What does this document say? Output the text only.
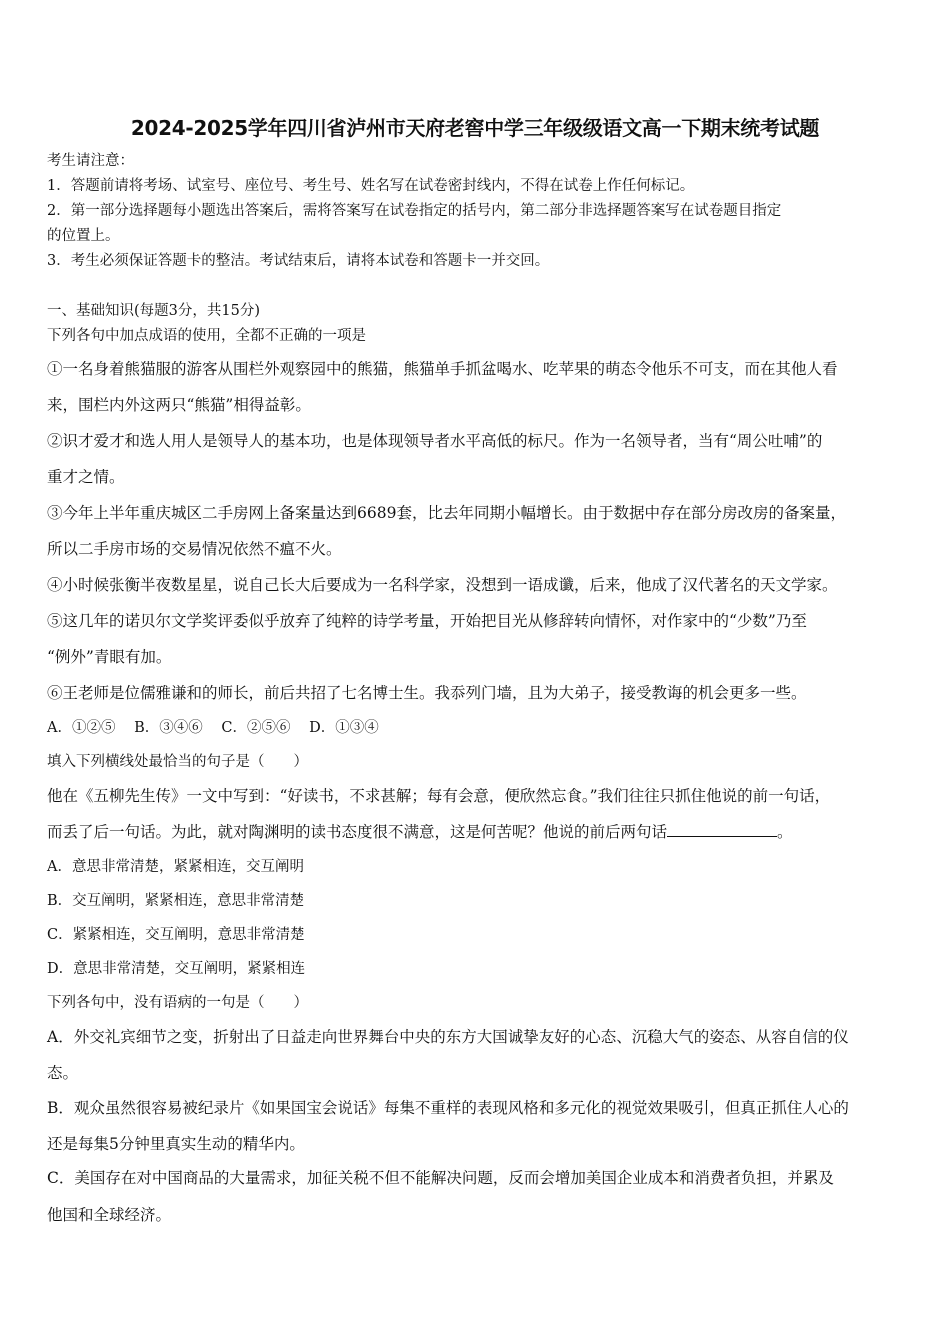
2024-2025学年四川省泸州市天府老窖中学三年级级语文高一下期末统考试题
考生请注意：
1．答题前请将考场、试室号、座位号、考生号、姓名写在试卷密封线内，不得在试卷上作任何标记。
2．第一部分选择题每小题选出答案后，需将答案写在试卷指定的括号内，第二部分非选择题答案写在试卷题目指定
的位置上。
3．考生必须保证答题卡的整洁。考试结束后，请将本试卷和答题卡一并交回。
一、基础知识(每题3分，共15分)
下列各句中加点成语的使用，全都不正确的一项是
①一名身着熊猫服的游客从围栏外观察园中的熊猫，熊猫单手抓盆喝水、吃苹果的萌态令他乐不可支，而在其他人看
来，围栏内外这两只“熊猫”相得益彰。
②识才爱才和选人用人是领导人的基本功，也是体现领导者水平高低的标尺。作为一名领导者，当有“周公吐哺”的
重才之情。
③今年上半年重庆城区二手房网上备案量达到6689套，比去年同期小幅增长。由于数据中存在部分房改房的备案量，
所以二手房市场的交易情况依然不瘟不火。
④小时候张衡半夜数星星，说自己长大后要成为一名科学家，没想到一语成谶，后来，他成了汉代著名的天文学家。
⑤这几年的诺贝尔文学奖评委似乎放弃了纯粹的诗学考量，开始把目光从修辞转向情怀，对作家中的“少数”乃至
“例外”青眼有加。
⑥王老师是位儒雅谦和的师长，前后共招了七名博士生。我忝列门墙，且为大弟子，接受教诲的机会更多一些。
A．①②⑤ B．③④⑥ C．②⑤⑥ D．①③④
填入下列横线处最恰当的句子是（　　）
他在《五柳先生传》一文中写到：“好读书，不求甚解；每有会意，便欣然忘食。”我们往往只抓住他说的前一句话，
而丢了后一句话。为此，就对陶渊明的读书态度很不满意，这是何苦呢？他说的前后两句话	。
A．意思非常清楚，紧紧相连，交互阐明
B．交互阐明，紧紧相连，意思非常清楚
C．紧紧相连，交互阐明，意思非常清楚
D．意思非常清楚，交互阐明，紧紧相连
下列各句中，没有语病的一句是（　　）
A．外交礼宾细节之变，折射出了日益走向世界舞台中央的东方大国诚挚友好的心态、沉稳大气的姿态、从容自信的仪
态。
B．观众虽然很容易被纪录片《如果国宝会说话》每集不重样的表现风格和多元化的视觉效果吸引，但真正抓住人心的
还是每集5分钟里真实生动的精华内。
C．美国存在对中国商品的大量需求，加征关税不但不能解决问题，反而会增加美国企业成本和消费者负担，并累及
他国和全球经济。
